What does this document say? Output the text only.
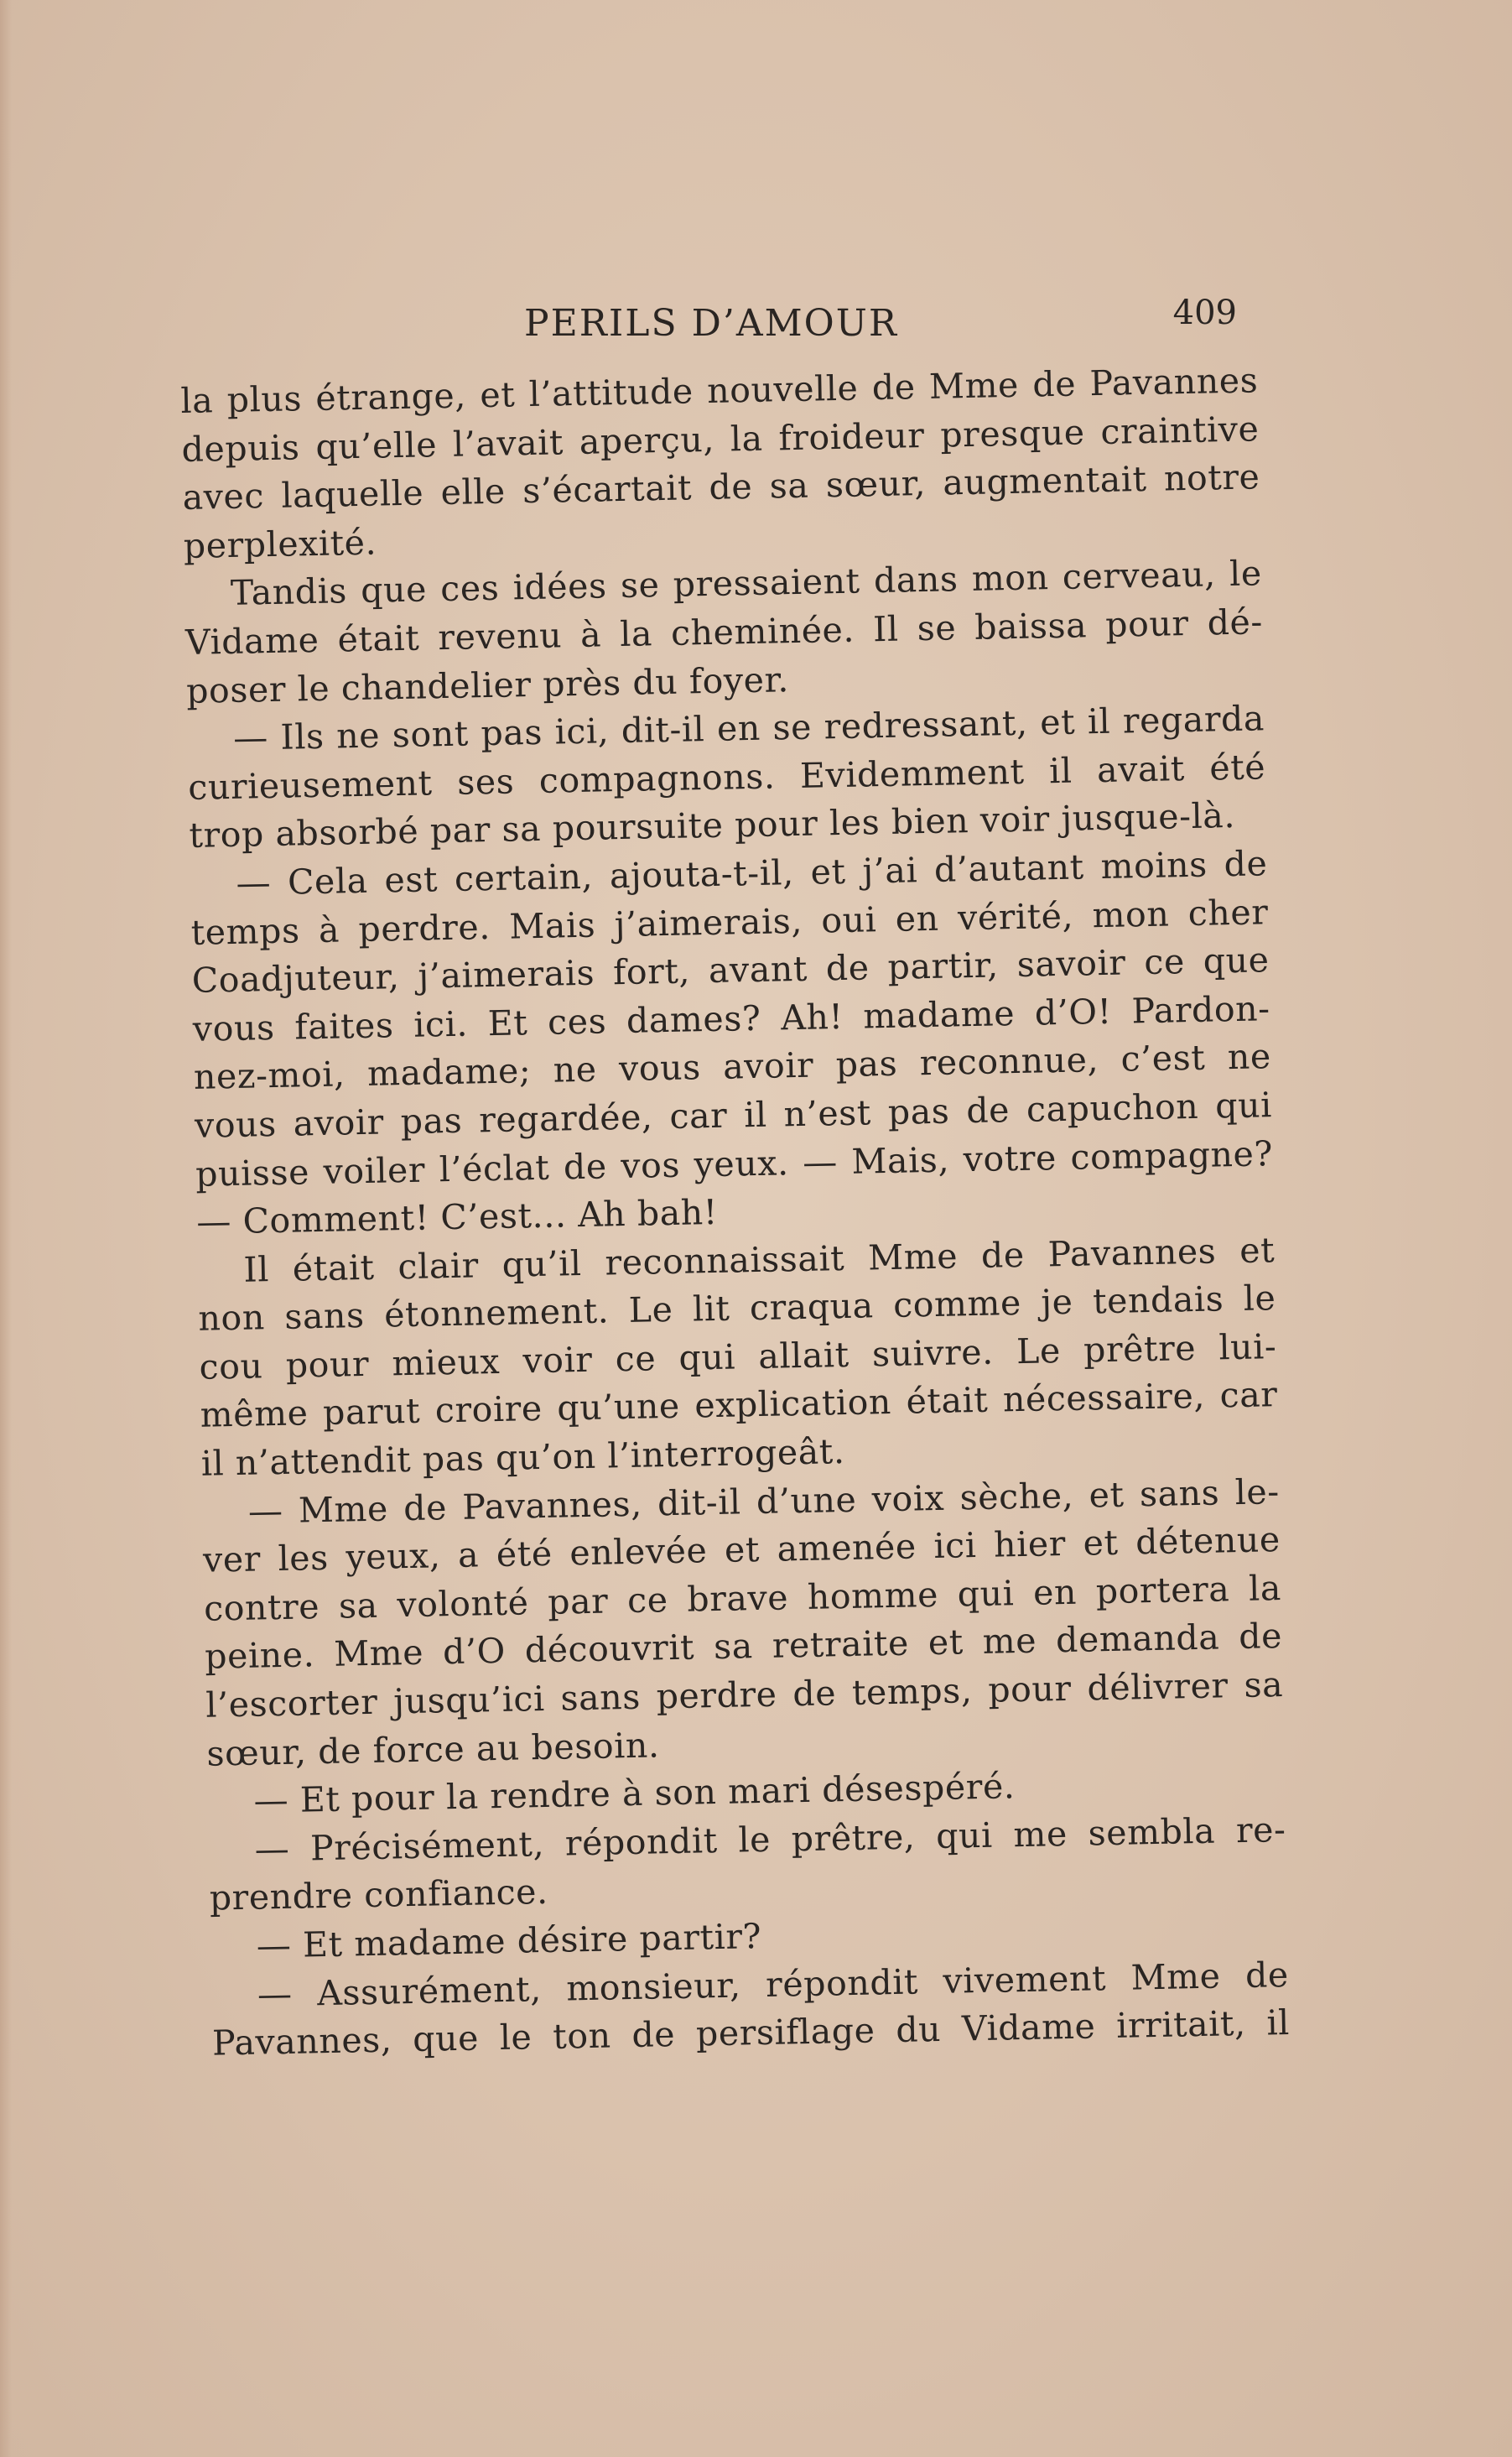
PERILS D’AMOUR	409
la plus étrange, et l’attitude nouvelle de Mme de Pavannes
depuis qu’elle l’avait aperçu, la froideur presque craintive
avec laquelle elle s’écartait de sa sœur, augmentait notre
perplexité.
Tandis que ces idées se pressaient dans mon cerveau, le
Vidame était revenu à la cheminée. Il se baissa pour dé-
poser le chandelier près du foyer.
— Ils ne sont pas ici, dit-il en se redressant, et il regarda
curieusement ses compagnons. Evidemment il avait été
trop absorbé par sa poursuite pour les bien voir jusque-là.
— Cela est certain, ajouta-t-il, et j’ai d’autant moins de
temps à perdre. Mais j’aimerais, oui en vérité, mon cher
Coadjuteur, j’aimerais fort, avant de partir, savoir ce que
vous faites ici. Et ces dames? Ah! madame d’O! Pardon-
nez-moi, madame; ne vous avoir pas reconnue, c’est ne
vous avoir pas regardée, car il n’est pas de capuchon qui
puisse voiler l’éclat de vos yeux. — Mais, votre compagne?
— Comment! C’est... Ah bah!
Il était clair qu’il reconnaissait Mme de Pavannes et
non sans étonnement. Le lit craqua comme je tendais le
cou pour mieux voir ce qui allait suivre. Le prêtre lui-
même parut croire qu’une explication était nécessaire, car
il n’attendit pas qu’on l’interrogeât.
— Mme de Pavannes, dit-il d’une voix sèche, et sans le-
ver les yeux, a été enlevée et amenée ici hier et détenue
contre sa volonté par ce brave homme qui en portera la
peine. Mme d’O découvrit sa retraite et me demanda de
l’escorter jusqu’ici sans perdre de temps, pour délivrer sa
sœur, de force au besoin.
— Et pour la rendre à son mari désespéré.
— Précisément, répondit le prêtre, qui me sembla re-
prendre confiance.
— Et madame désire partir?
— Assurément, monsieur, répondit vivement Mme de
Pavannes, que le ton de persiflage du Vidame irritait, il
